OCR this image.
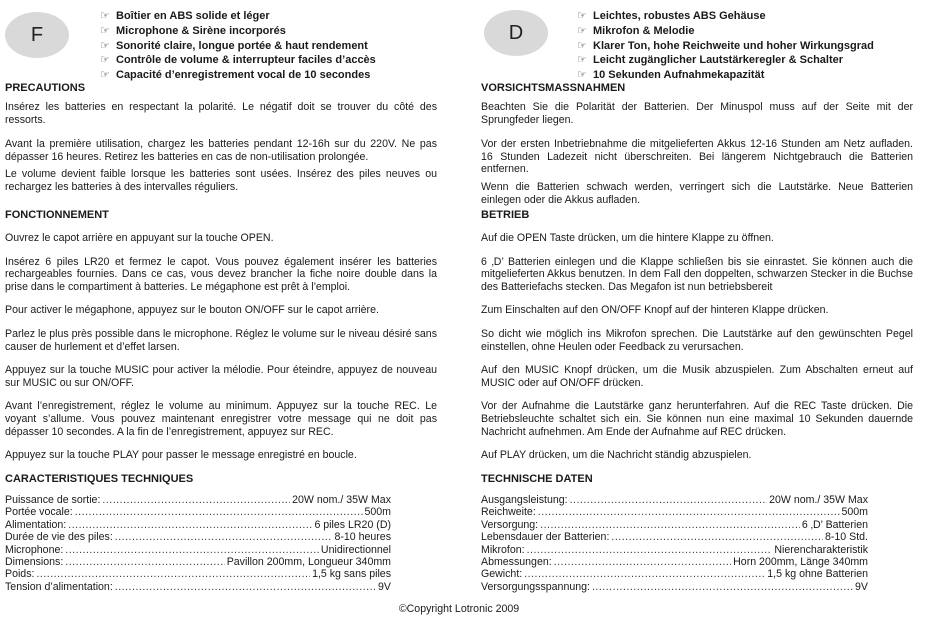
F
☞ Boîtier en ABS solide et léger
☞ Microphone & Sirène incorporés
☞ Sonorité claire, longue portée & haut rendement
☞ Contrôle de volume & interrupteur faciles d’accès
☞ Capacité d’enregistrement vocal de 10 secondes
PRECAUTIONS

Insérez les batteries en respectant la polarité. Le négatif doit se trouver du côté des ressorts.

Avant la première utilisation, chargez les batteries pendant 12-16h sur du 220V. Ne pas dépasser 16 heures. Retirez les batteries en cas de non-utilisation prolongée.

Le volume devient faible lorsque les batteries sont usées. Insérez des piles neuves ou rechargez les batteries à des intervalles réguliers.

FONCTIONNEMENT

Ouvrez le capot arrière en appuyant sur la touche OPEN.

Insérez 6 piles LR20 et fermez le capot. Vous pouvez également insérer les batteries rechargeables fournies. Dans ce cas, vous devez brancher la fiche noire double dans la prise dans le compartiment à batteries. Le mégaphone est prêt à l’emploi.

Pour activer le mégaphone, appuyez sur le bouton ON/OFF sur le capot arrière.

Parlez le plus près possible dans le microphone. Réglez le volume sur le niveau désiré sans causer de hurlement et d’effet larsen.

Appuyez sur la touche MUSIC pour activer la mélodie. Pour éteindre, appuyez de nouveau sur MUSIC ou sur ON/OFF.

Avant l’enregistrement, réglez le volume au minimum. Appuyez sur la touche REC. Le voyant s’allume. Vous pouvez maintenant enregistrer votre message qui ne doit pas dépasser 10 secondes. A la fin de l’enregistrement, appuyez sur REC.

Appuyez sur la touche PLAY pour passer le message enregistré en boucle.

CARACTERISTIQUES TECHNIQUES
Puissance de sortie: .....	20W nom./ 35W Max
Portée vocale: .....	500m
Alimentation: .....	6 piles LR20 (D)
Durée de vie des piles: .....	8-10 heures
Microphone: .....	Unidirectionnel
Dimensions: .....	Pavillon 200mm, Longueur 340mm
Poids: .....	1,5 kg sans piles
Tension d’alimentation: .....	9V
D
☞ Leichtes, robustes ABS Gehäuse
☞ Mikrofon & Melodie
☞ Klarer Ton, hohe Reichweite und hoher Wirkungsgrad
☞ Leicht zugänglicher Lautstärkeregler & Schalter
☞ 10 Sekunden Aufnahmekapazität
VORSICHTSMASSNAHMEN

Beachten Sie die Polarität der Batterien. Der Minuspol muss auf der Seite mit der Sprungfeder liegen.

Vor der ersten Inbetriebnahme die mitgelieferten Akkus 12-16 Stunden am Netz aufladen. 16 Stunden Ladezeit nicht überschreiten. Bei längerem Nichtgebrauch die Batterien entfernen.

Wenn die Batterien schwach werden, verringert sich die Lautstärke. Neue Batterien einlegen oder die Akkus aufladen.

BETRIEB

Auf die OPEN Taste drücken, um die hintere Klappe zu öffnen.

6 ‚D’ Batterien einlegen und die Klappe schließen bis sie einrastet. Sie können auch die mitgelieferten Akkus benutzen. In dem Fall den doppelten, schwarzen Stecker in die Buchse des Batteriefachs stecken. Das Megafon ist nun betriebsbereit

Zum Einschalten auf den ON/OFF Knopf auf der hinteren Klappe drücken.

So dicht wie möglich ins Mikrofon sprechen. Die Lautstärke auf den gewünschten Pegel einstellen, ohne Heulen oder Feedback zu verursachen.

Auf den MUSIC Knopf drücken, um die Musik abzuspielen. Zum Abschalten erneut auf MUSIC oder auf ON/OFF drücken.

Vor der Aufnahme die Lautstärke ganz herunterfahren. Auf die REC Taste drücken. Die Betriebsleuchte schaltet sich ein. Sie können nun eine maximal 10 Sekunden dauernde Nachricht aufnehmen. Am Ende der Aufnahme auf REC drücken.

Auf PLAY drücken, um die Nachricht ständig abzuspielen.

TECHNISCHE DATEN
Ausgangsleistung: .....	20W nom./ 35W Max
Reichweite: .....	500m
Versorgung: .....	6 ‚D’ Batterien
Lebensdauer der Batterien: .....	8-10 Std.
Mikrofon: .....	Nierencharakteristik
Abmessungen: .....	Horn 200mm, Länge 340mm
Gewicht: .....	1,5 kg ohne Batterien
Versorgungsspannung: .....	9V
©Copyright Lotronic 2009
